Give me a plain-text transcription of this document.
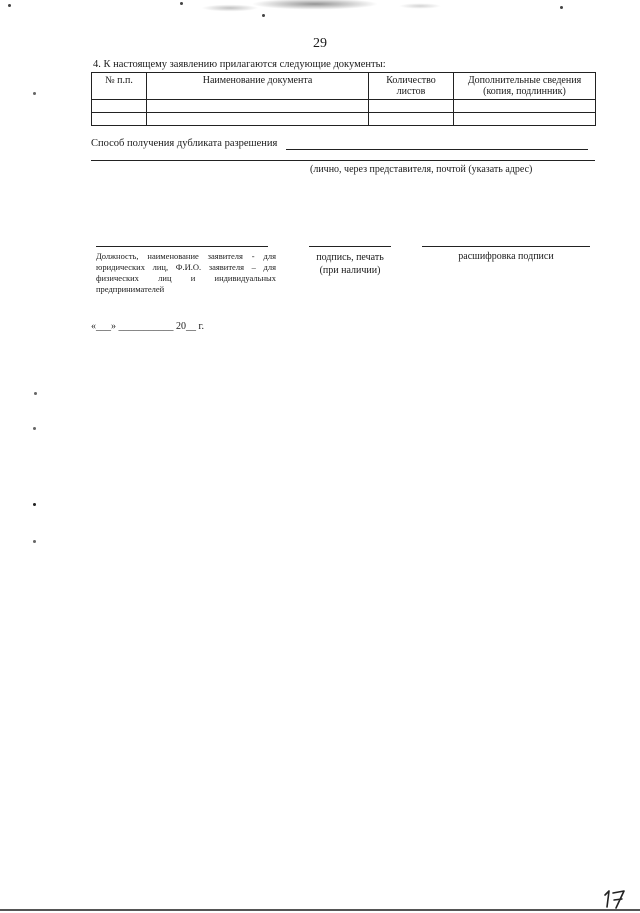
29
4. К настоящему заявлению прилагаются следующие документы:
№ п.п.	Наименование документа	Количество листов	Дополнительные сведения (копия, подлинник)

Способ получения дубликата разрешения
(лично, через представителя, почтой (указать адрес)
Должность, наименование заявителя - для юридических лиц, Ф.И.О. заявителя – для физических лиц и индивидуальных предпринимателей
подпись, печать
(при наличии)
расшифровка подписи
«___» ___________ 20__ г.
